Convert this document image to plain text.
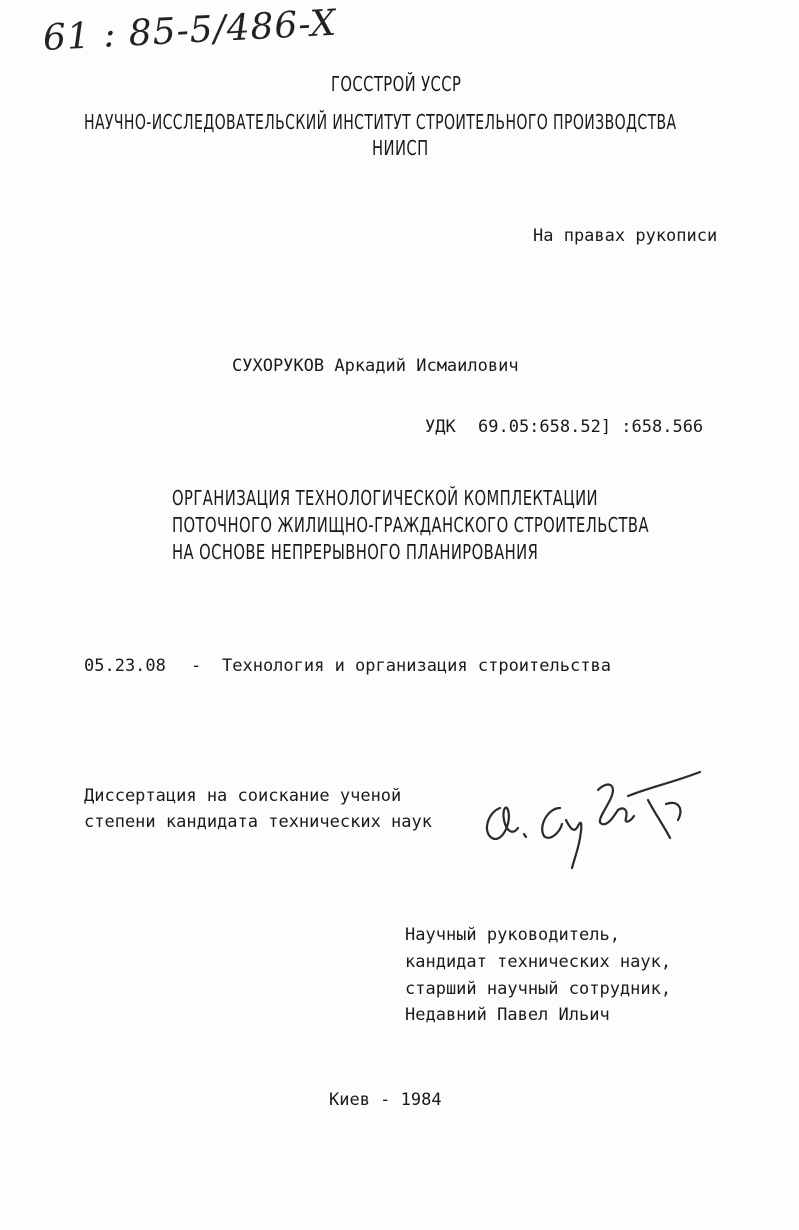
61 : 85-5/486-X
ГОССТРОЙ УССР
НАУЧНО-ИССЛЕДОВАТЕЛЬСКИЙ ИНСТИТУТ СТРОИТЕЛЬНОГО ПРОИЗВОДСТВА
НИИСП
На правах рукописи
СУХОРУКОВ Аркадий Исмаилович
УДК 69.05:658.52] :658.566
ОРГАНИЗАЦИЯ ТЕХНОЛОГИЧЕСКОЙ КОМПЛЕКТАЦИИ
ПОТОЧНОГО ЖИЛИЩНО-ГРАЖДАНСКОГО СТРОИТЕЛЬСТВА
НА ОСНОВЕ НЕПРЕРЫВНОГО ПЛАНИРОВАНИЯ
05.23.08 - Технология и организация строительства
Диссертация на соискание ученой
степени кандидата технических наук
Научный руководитель,
кандидат технических наук,
старший научный сотрудник,
Недавний Павел Ильич
Киев - 1984
